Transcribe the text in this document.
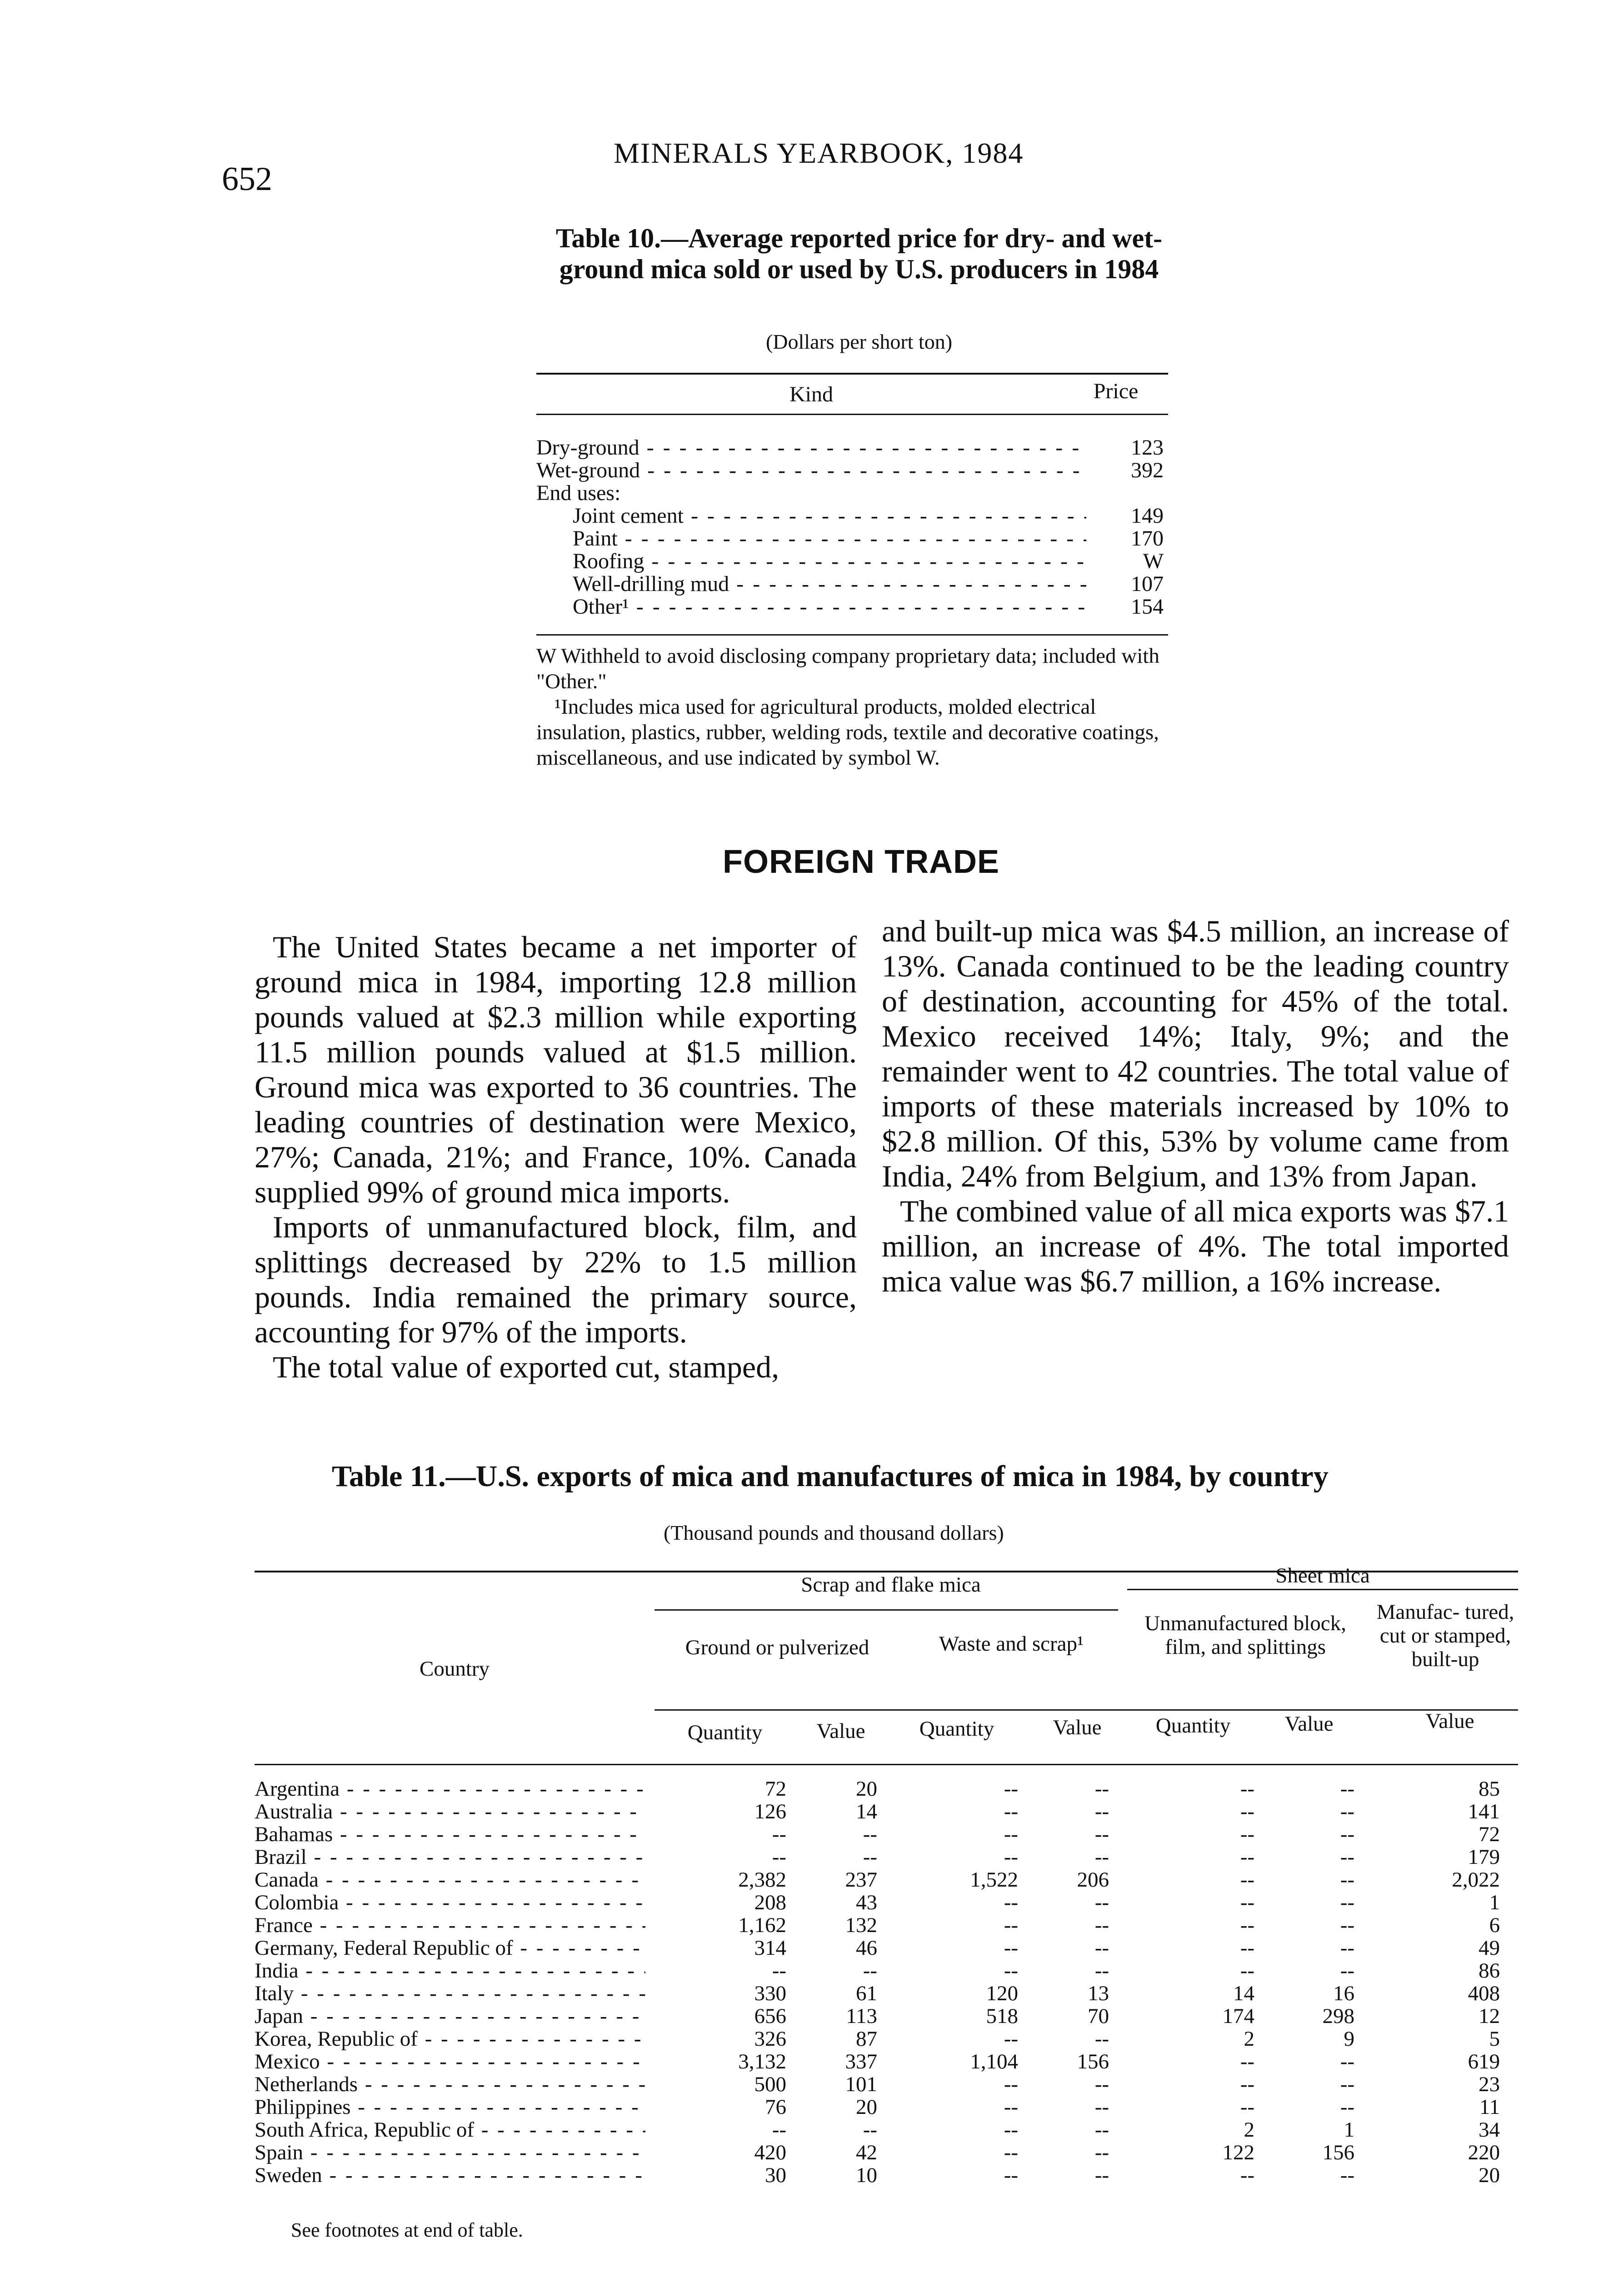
652
MINERALS YEARBOOK, 1984
Table 10.—Average reported price for dry- and wet-ground mica sold or used by U.S. producers in 1984
(Dollars per short ton)
Kind	Price
Dry-ground - - -	123
Wet-ground - - -	392
End uses:
Joint cement - - -	149
Paint - - -	170
Roofing - - -	W
Well-drilling mud - - -	107
Other¹ - - -	154

W Withheld to avoid disclosing company proprietary data; included with "Other."

¹Includes mica used for agricultural products, molded electrical insulation, plastics, rubber, welding rods, textile and decorative coatings, miscellaneous, and use indicated by symbol W.

FOREIGN TRADE

The United States became a net importer of ground mica in 1984, importing 12.8 million pounds valued at $2.3 million while exporting 11.5 million pounds valued at $1.5 million. Ground mica was exported to 36 countries. The leading countries of destination were Mexico, 27%; Canada, 21%; and France, 10%. Canada supplied 99% of ground mica imports.

Imports of unmanufactured block, film, and splittings decreased by 22% to 1.5 million pounds. India remained the primary source, accounting for 97% of the imports.

The total value of exported cut, stamped,

and built-up mica was $4.5 million, an increase of 13%. Canada continued to be the leading country of destination, accounting for 45% of the total. Mexico received 14%; Italy, 9%; and the remainder went to 42 countries. The total value of imports of these materials increased by 10% to $2.8 million. Of this, 53% by volume came from India, 24% from Belgium, and 13% from Japan.

The combined value of all mica exports was $7.1 million, an increase of 4%. The total imported mica value was $6.7 million, a 16% increase.

Table 11.—U.S. exports of mica and manufactures of mica in 1984, by country
(Thousand pounds and thousand dollars)
Scrap and flake mica	Sheet mica
Country
Ground or pulverized	Waste and scrap¹
Unmanufactured block, film, and splittings
Manufac- tured, cut or stamped, built-up
Quantity	Value	Quantity	Value	Quantity	Value	Value
Argentina - - -	72	20	--	--	--	--	85
Australia - - -	126	14	--	--	--	--	141
Bahamas - - -	--	--	--	--	--	--	72
Brazil - - -	--	--	--	--	--	--	179
Canada - - -	2,382	237	1,522	206	--	--	2,022
Colombia - - -	208	43	--	--	--	--	1
France - - -	1,162	132	--	--	--	--	6
Germany, Federal Republic of - - -	314	46	--	--	--	--	49
India - - -	--	--	--	--	--	--	86
Italy - - -	330	61	120	13	14	16	408
Japan - - -	656	113	518	70	174	298	12
Korea, Republic of - - -	326	87	--	--	2	9	5
Mexico - - -	3,132	337	1,104	156	--	--	619
Netherlands - - -	500	101	--	--	--	--	23
Philippines - - -	76	20	--	--	--	--	11
South Africa, Republic of - - -	--	--	--	--	2	1	34
Spain - - -	420	42	--	--	122	156	220
Sweden - - -	30	10	--	--	--	--	20
See footnotes at end of table.
